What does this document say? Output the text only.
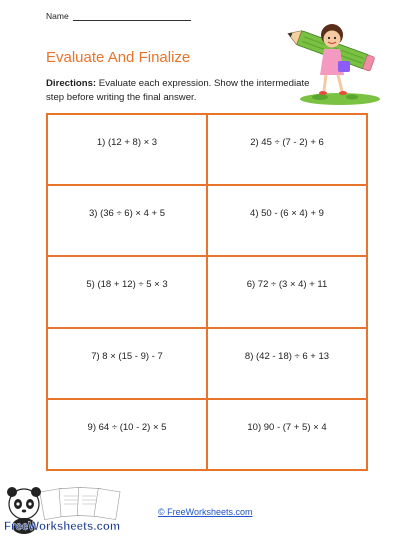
Name
Evaluate And Finalize
Directions: Evaluate each expression. Show the intermediate step before writing the final answer.
1) (12 + 8) × 3	2) 45 ÷ (7 - 2) + 6
3) (36 ÷ 6) × 4 + 5	4) 50 - (6 × 4) + 9
5) (18 + 12) ÷ 5 × 3	6) 72 ÷ (3 × 4) + 11
7) 8 × (15 - 9) - 7	8) (42 - 18) ÷ 6 + 13
9) 64 ÷ (10 - 2) × 5	10) 90 - (7 + 5) × 4
FreeWorksheets.com
© FreeWorksheets.com
